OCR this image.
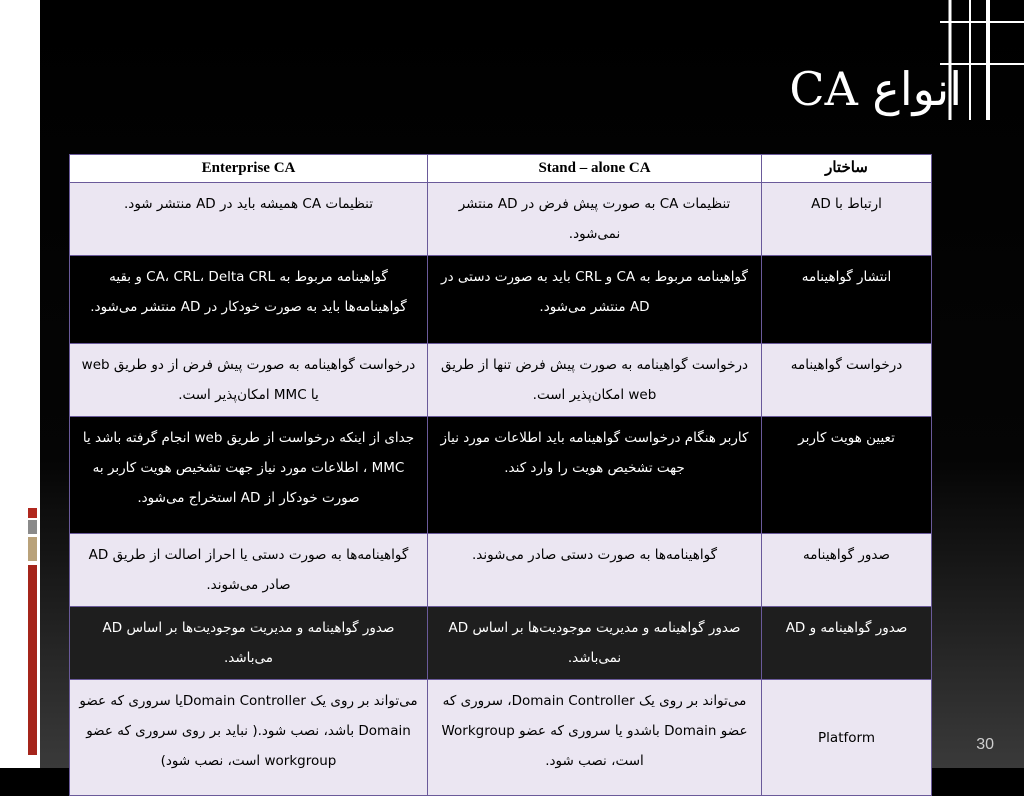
انواع CA
ساختار	Stand – alone CA	Enterprise CA
ارتباط با AD	تنظیمات CA به صورت پیش فرض در AD منتشر نمی‌شود.	تنظیمات CA همیشه باید در AD منتشر شود.
انتشار گواهینامه	گواهینامه مربوط به CA و CRL باید به صورت دستی در AD منتشر می‌شود.	گواهینامه مربوط به CA، CRL، Delta CRL و بقیه گواهینامه‌ها باید به صورت خودکار در AD منتشر می‌شود.
درخواست گواهینامه	درخواست گواهینامه به صورت پیش فرض تنها از طریق web امکان‌پذیر است.	درخواست گواهینامه به صورت پیش فرض از دو طریق web یا MMC امکان‌پذیر است.
تعیین هویت کاربر	کاربر هنگام درخواست گواهینامه باید اطلاعات مورد نیاز جهت تشخیص هویت را وارد کند.	جدای از اینکه درخواست از طریق web انجام گرفته باشد یا MMC ، اطلاعات مورد نیاز جهت تشخیص هویت کاربر به صورت خودکار از AD استخراج می‌شود.
صدور گواهینامه	گواهینامه‌ها به صورت دستی صادر می‌شوند.	گواهینامه‌ها به صورت دستی یا احراز اصالت از طریق AD صادر می‌شوند.
صدور گواهینامه و AD	صدور گواهینامه و مدیریت موجودیت‌ها بر اساس AD نمی‌باشد.	صدور گواهینامه و مدیریت موجودیت‌ها بر اساس AD می‌باشد.
Platform	می‌تواند بر روی یک Domain Controller، سروری که عضو Domain باشدو یا سروری که عضو Workgroup است، نصب شود.	می‌تواند بر روی یک Domain Controllerیا سروری که عضو Domain باشد، نصب شود.( نباید بر روی سروری که عضو workgroup است، نصب شود)
30
